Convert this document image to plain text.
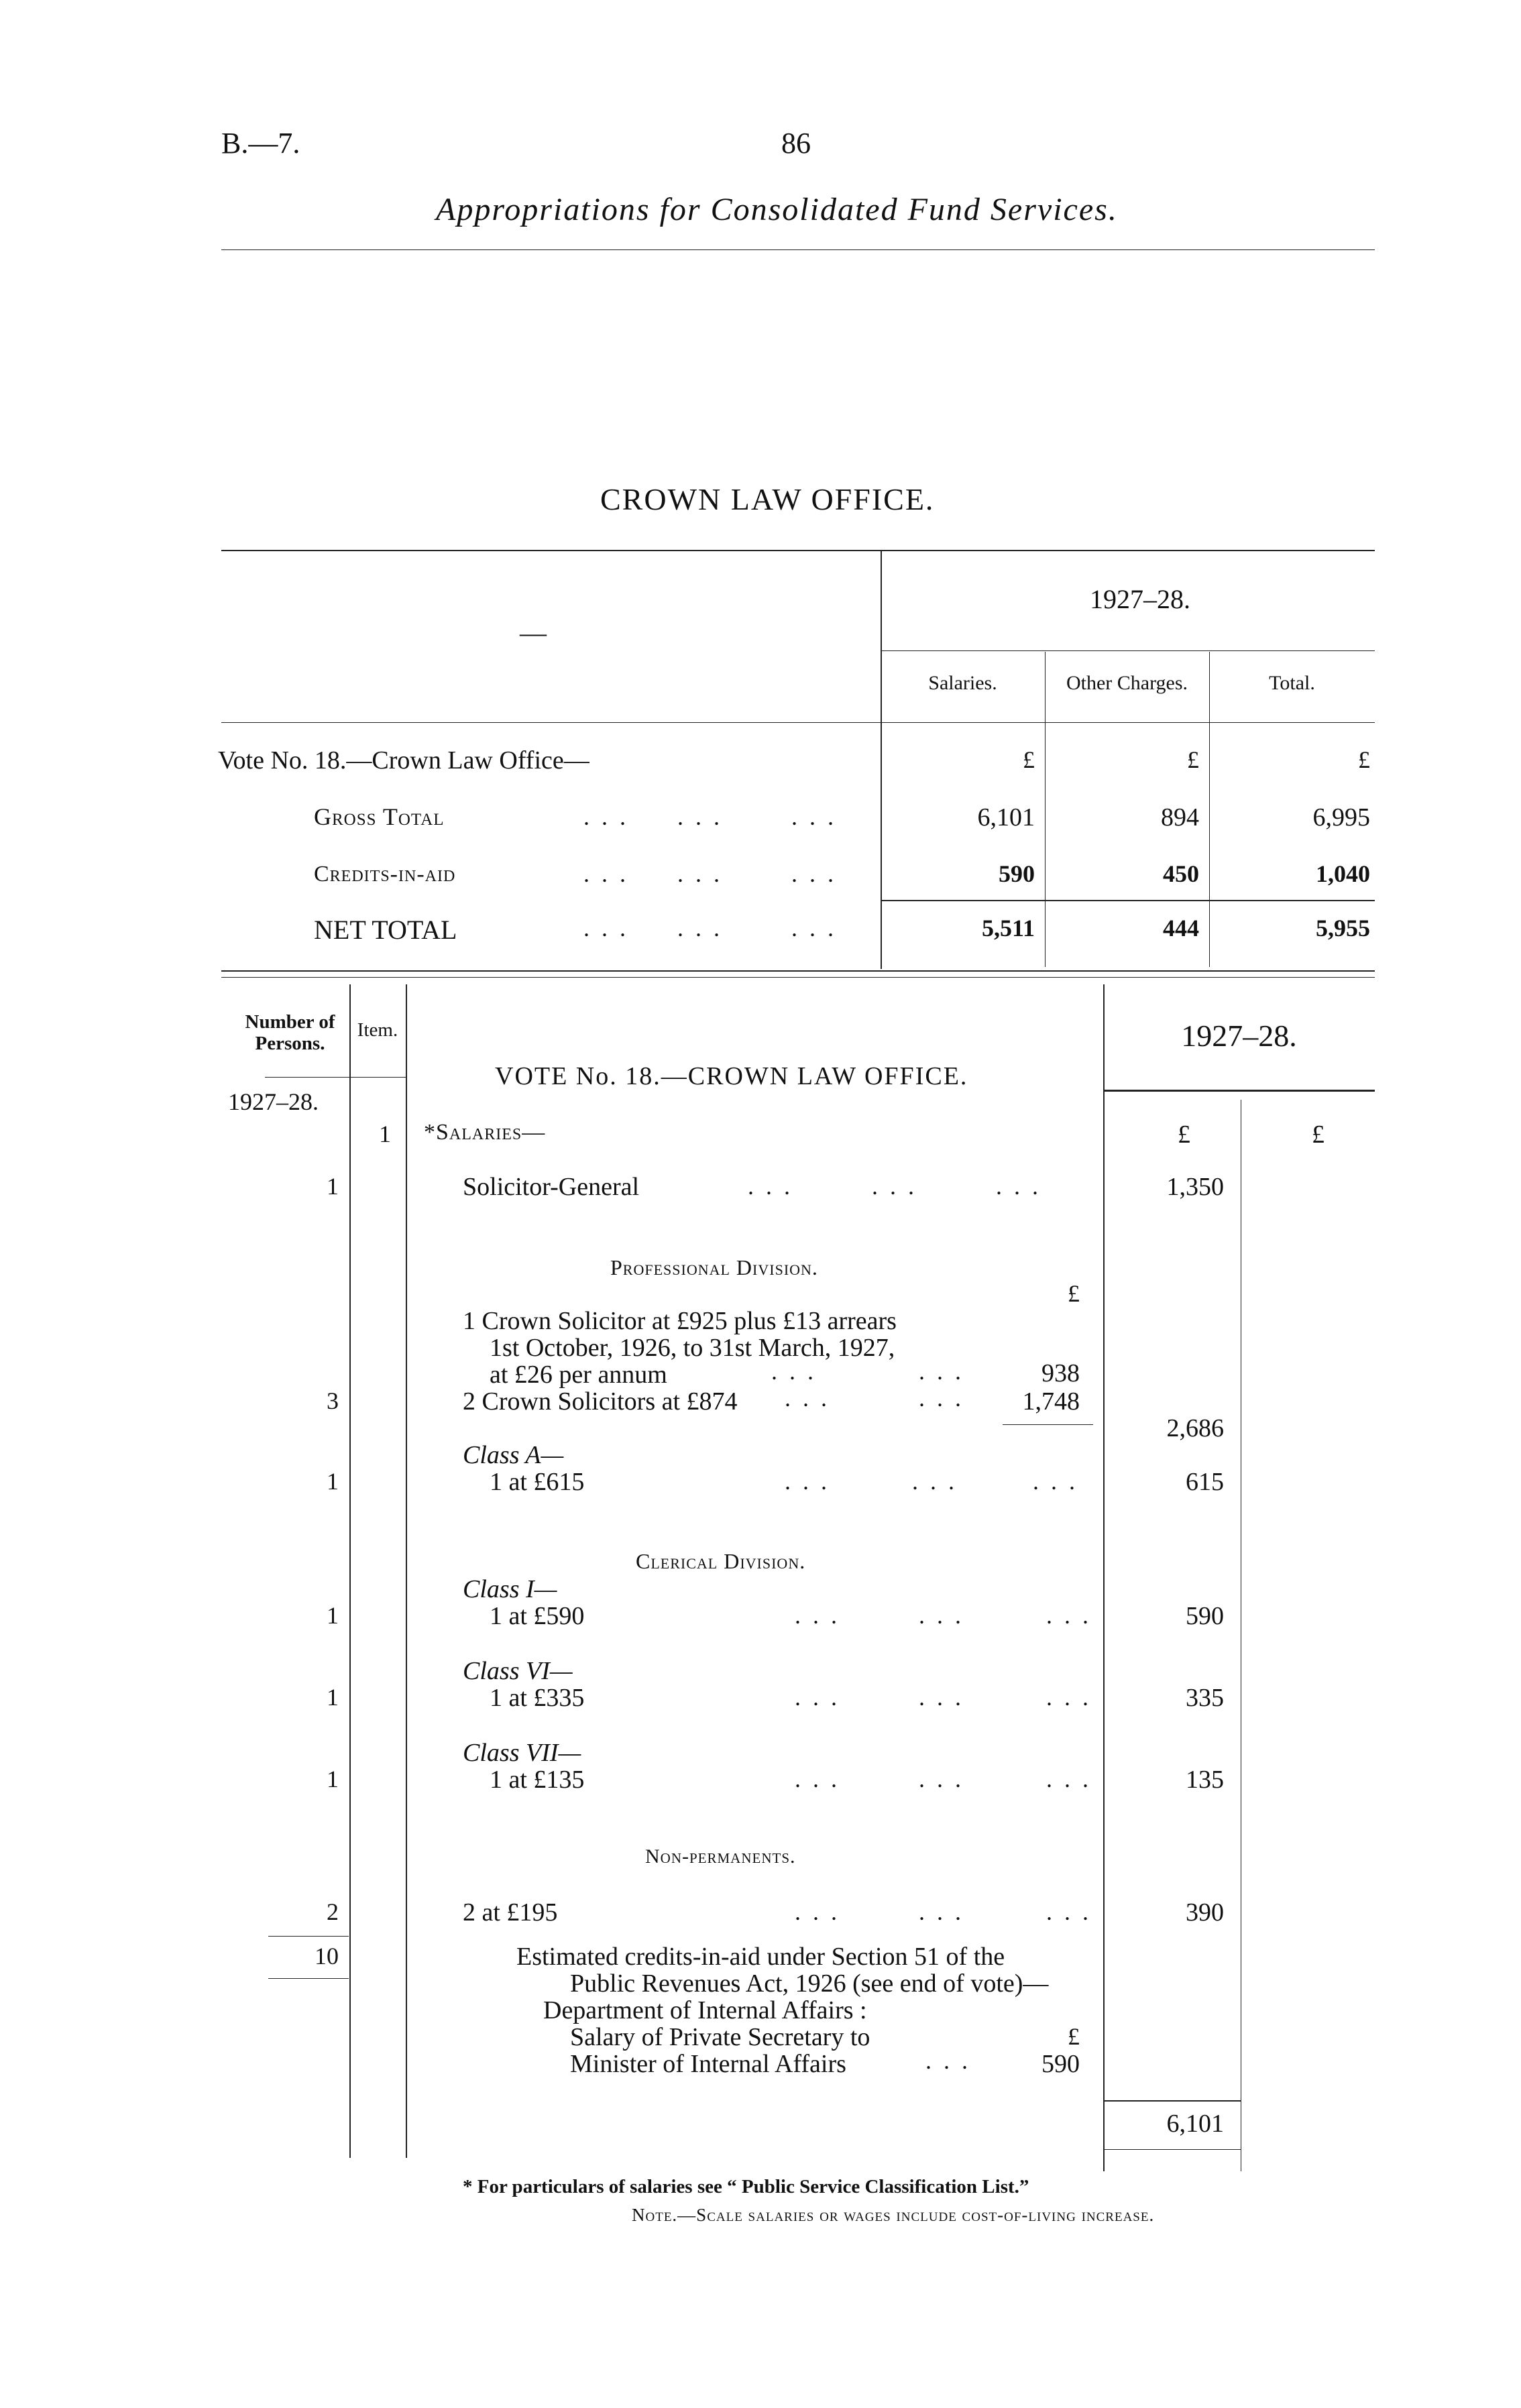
B.—7.	86
Appropriations for Consolidated Fund Services.
CROWN LAW OFFICE.
—
1927–28.
Salaries.	Other Charges.	Total.
Vote No. 18.—Crown Law Office—	£	£	£
Gross Total	... ... ...	6,101	894	6,995
Credits-in-aid	... ... ...	590	450	1,040
NET TOTAL	... ... ...	5,511	444	5,955
Number of Persons.
Item.
1927–28.
1927–28.
VOTE No. 18.—CROWN LAW OFFICE.
1 *Salaries—	£	£
1	Solicitor-General	...	...	...	1,350
Professional Division.
£
1 Crown Solicitor at £925 plus £13 arrears
1st October, 1926, to 31st March, 1927,
at £26 per annum	...	...	938
3	2 Crown Solicitors at £874 ...	...	1,748
2,686
Class A—
1	1 at £615	...	...	...	615
Clerical Division.
Class I—
1	1 at £590	...	...	...	590
Class VI—
1	1 at £335	...	...	...	335
Class VII—
1	1 at £135	...	...	...	135
Non-permanents.
2	2 at £195	...	...	...	390
10	Estimated credits-in-aid under Section 51 of the
Public Revenues Act, 1926 (see end of vote)—
Department of Internal Affairs :
Salary of Private Secretary to	£
Minister of Internal Affairs	...	590
6,101
* For particulars of salaries see “ Public Service Classification List.”
Note.—Scale salaries or wages include cost-of-living increase.
